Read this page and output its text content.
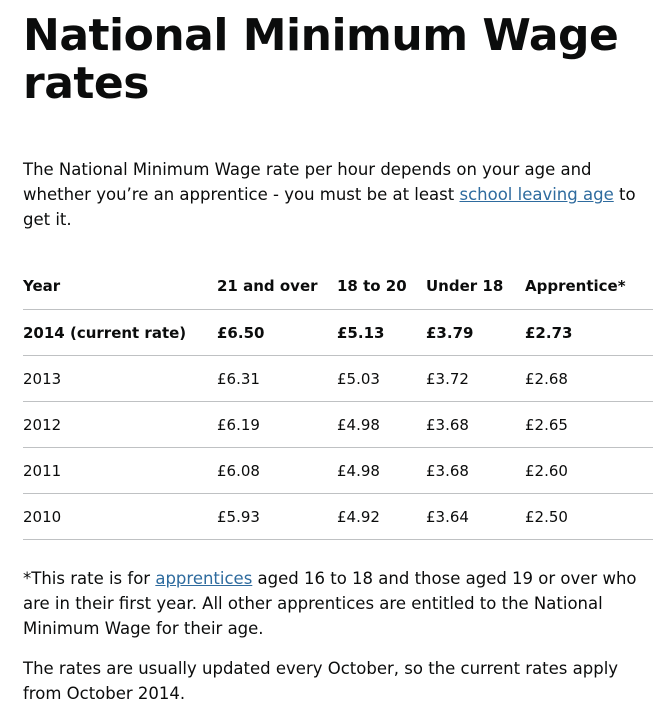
National Minimum Wage rates

The National Minimum Wage rate per hour depends on your age and whether you’re an apprentice - you must be at least school leaving age to get it.

Year	21 and over	18 to 20	Under 18	Apprentice*
2014 (current rate)	£6.50	£5.13	£3.79	£2.73
2013	£6.31	£5.03	£3.72	£2.68
2012	£6.19	£4.98	£3.68	£2.65
2011	£6.08	£4.98	£3.68	£2.60
2010	£5.93	£4.92	£3.64	£2.50

*This rate is for apprentices aged 16 to 18 and those aged 19 or over who are in their first year. All other apprentices are entitled to the National Minimum Wage for their age.

The rates are usually updated every October, so the current rates apply from October 2014.
